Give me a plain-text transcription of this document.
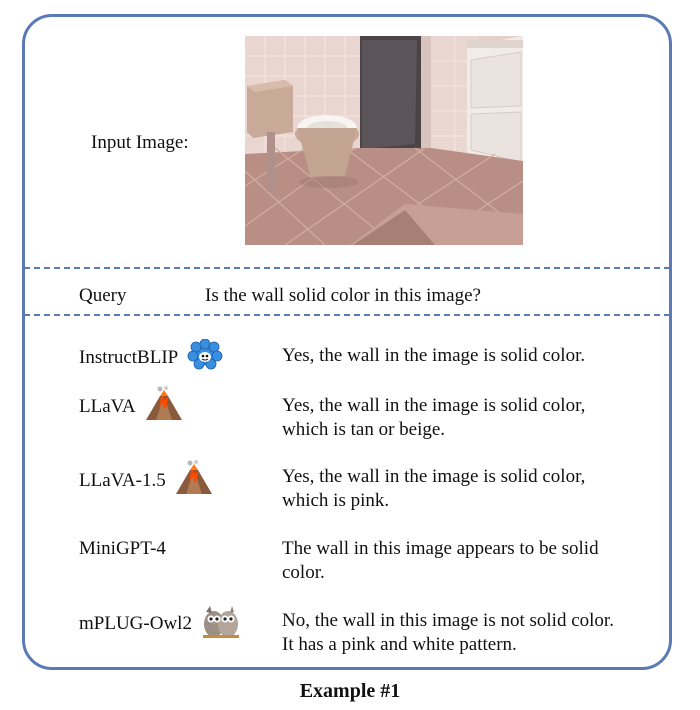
Input Image:
Query	Is the wall solid color in this image?
InstructBLIP	Yes, the wall in the image is solid color.
LLaVA	Yes, the wall in the image is solid color,
which is tan or beige.
LLaVA-1.5	Yes, the wall in the image is solid color,
which is pink.
MiniGPT-4	The wall in this image appears to be solid
color.
mPLUG-Owl2	No, the wall in this image is not solid color.
It has a pink and white pattern.
Example #1
